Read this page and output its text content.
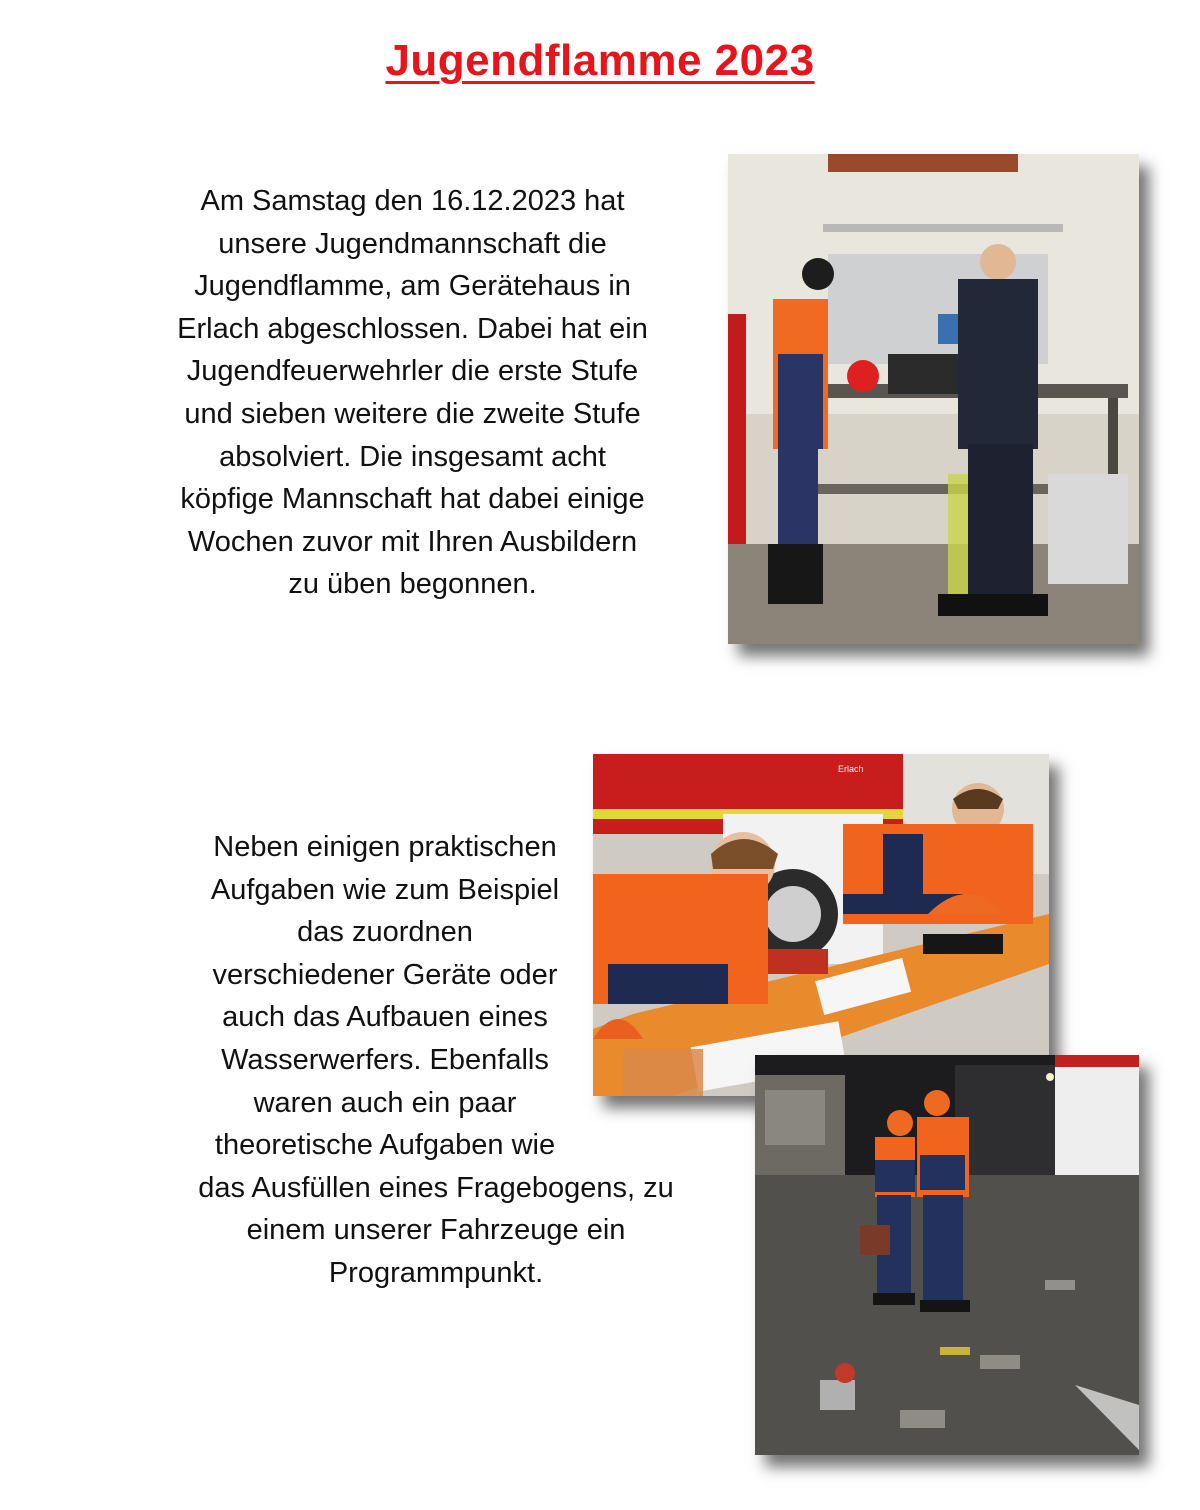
Jugendflamme 2023
Am Samstag den 16.12.2023 hat
unsere Jugendmannschaft die
Jugendflamme, am Gerätehaus in
Erlach abgeschlossen. Dabei hat ein
Jugendfeuerwehrler die erste Stufe
und sieben weitere die zweite Stufe
absolviert. Die insgesamt acht
köpfige Mannschaft hat dabei einige
Wochen zuvor mit Ihren Ausbildern
zu üben begonnen.
Neben einigen praktischen
Aufgaben wie zum Beispiel
das zuordnen
verschiedener Geräte oder
auch das Aufbauen eines
Wasserwerfers. Ebenfalls
waren auch ein paar
theoretische Aufgaben wie
das Ausfüllen eines Fragebogens, zu
einem unserer Fahrzeuge ein
Programmpunkt.
Erlach
